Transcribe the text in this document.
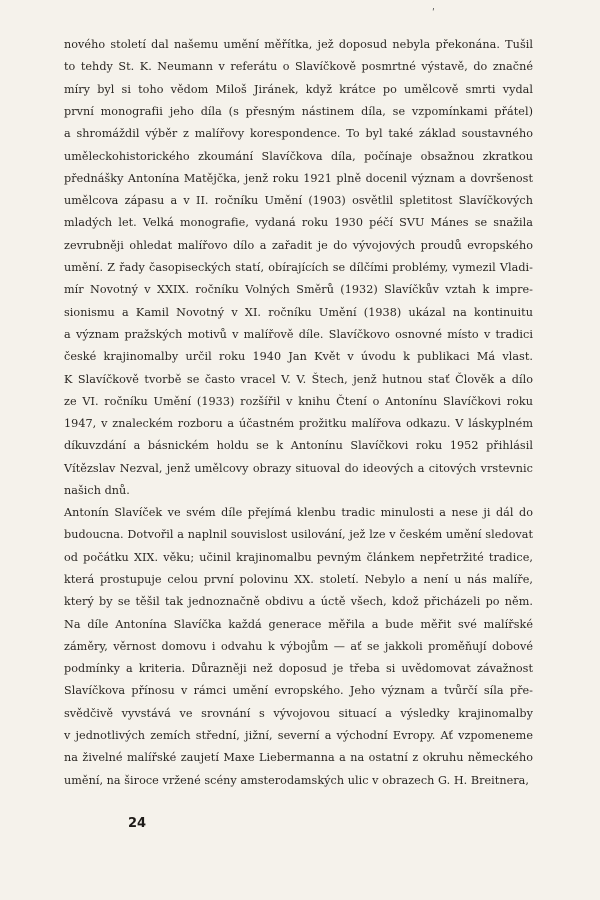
ʹ
nového století dal našemu umění měřítka, jež doposud nebyla překonána. Tušil
to tehdy St. K. Neumann v referátu o Slavíčkově posmrtné výstavě, do značné
míry byl si toho vědom Miloš Jiránek, když krátce po umělcově smrti vydal
první monografii jeho díla (s přesným nástinem díla, se vzpomínkami přátel)
a shromáždil výběr z malířovy korespondence. To byl také základ soustavného
uměleckohistorického zkoumání Slavíčkova díla, počínaje obsažnou zkratkou
přednášky Antonína Matějčka, jenž roku 1921 plně docenil význam a dovršenost
umělcova zápasu a v II. ročníku Umění (1903) osvětlil spletitost Slavíčkových
mladých let. Velká monografie, vydaná roku 1930 péčí SVU Mánes se snažila
zevrubněji ohledat malířovo dílo a zařadit je do vývojových proudů evropského
umění. Z řady časopiseckých statí, obírajících se dílčími problémy, vymezil Vladi-
mír Novotný v XXIX. ročníku Volných Směrů (1932) Slavíčkův vztah k impre-
sionismu a Kamil Novotný v XI. ročníku Umění (1938) ukázal na kontinuitu
a význam pražských motivů v malířově díle. Slavíčkovo osnovné místo v tradici
české krajinomalby určil roku 1940 Jan Květ v úvodu k publikaci Má vlast.
K Slavíčkově tvorbě se často vracel V. V. Štech, jenž hutnou stať Člověk a dílo
ze VI. ročníku Umění (1933) rozšířil v knihu Čtení o Antonínu Slavíčkovi roku
1947, v znaleckém rozboru a účastném prožitku malířova odkazu. V láskyplném
díkuvzdání a básnickém holdu se k Antonínu Slavíčkovi roku 1952 přihlásil
Vítězslav Nezval, jenž umělcovy obrazy situoval do ideových a citových vrstevnic
našich dnů.
Antonín Slavíček ve svém díle přejímá klenbu tradic minulosti a nese ji dál do
budoucna. Dotvořil a naplnil souvislost usilování, jež lze v českém umění sledovat
od počátku XIX. věku; učinil krajinomalbu pevným článkem nepřetržité tradice,
která prostupuje celou první polovinu XX. století. Nebylo a není u nás malíře,
který by se těšil tak jednoznačně obdivu a úctě všech, kdož přicházeli po něm.
Na díle Antonína Slavíčka každá generace měřila a bude měřit své malířské
záměry, věrnost domovu i odvahu k výbojům — ať se jakkoli proměňují dobové
podmínky a kriteria. Důrazněji než doposud je třeba si uvědomovat závažnost
Slavíčkova přínosu v rámci umění evropského. Jeho význam a tvůrčí síla pře-
svědčivě vyvstává ve srovnání s vývojovou situací a výsledky krajinomalby
v jednotlivých zemích střední, jižní, severní a východní Evropy. Ať vzpomeneme
na živelné malířské zaujetí Maxe Liebermanna a na ostatní z okruhu německého
umění, na široce vržené scény amsterodamských ulic v obrazech G. H. Breitnera,
24
